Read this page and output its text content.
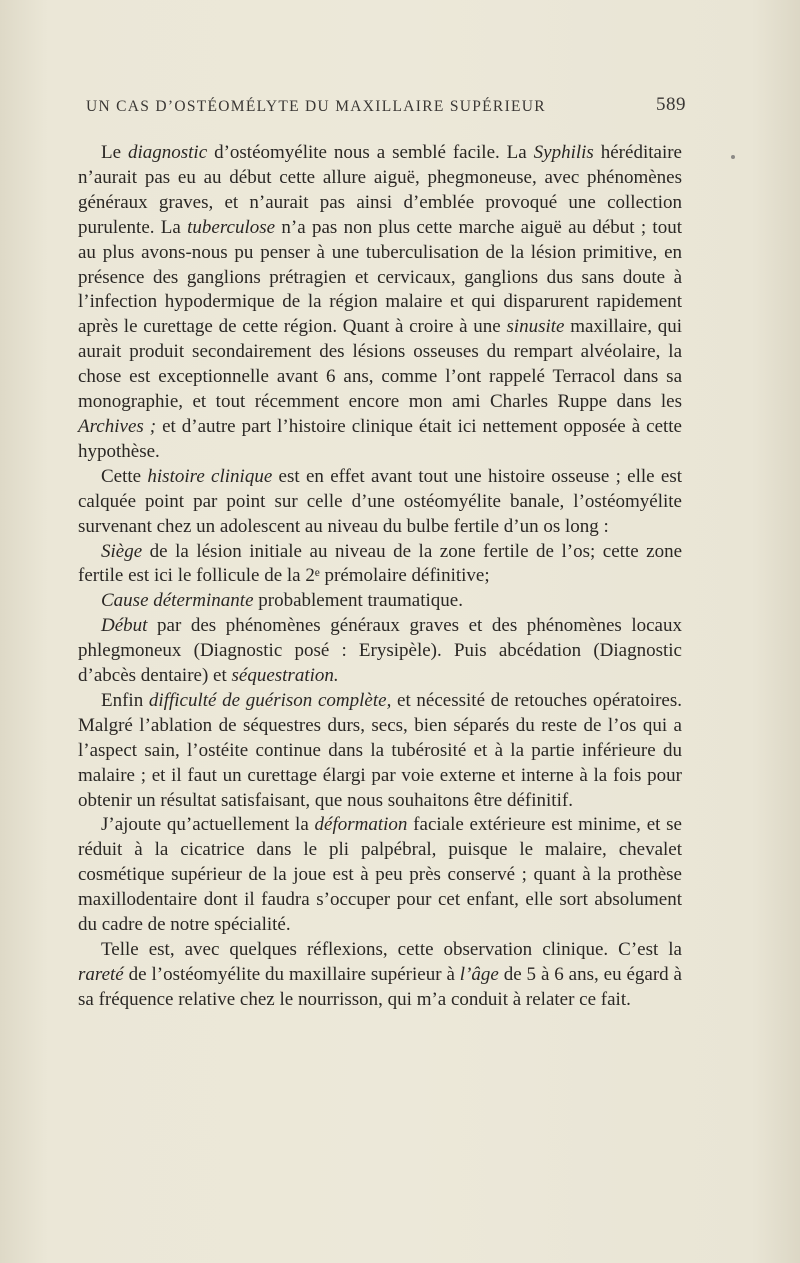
UN CAS D’OSTÉOMÉLYTE DU MAXILLAIRE SUPÉRIEUR	589

Le diagnostic d’ostéomyélite nous a semblé facile. La Syphilis héréditaire n’aurait pas eu au début cette allure aiguë, phegmoneuse, avec phénomènes généraux graves, et n’aurait pas ainsi d’emblée provoqué une collection purulente. La tuberculose n’a pas non plus cette marche aiguë au début ; tout au plus avons-nous pu penser à une tuberculisation de la lésion primitive, en présence des ganglions prétragien et cervicaux, ganglions dus sans doute à l’infection hypodermique de la région malaire et qui disparurent rapidement après le curettage de cette région. Quant à croire à une sinusite maxillaire, qui aurait produit secondairement des lésions osseuses du rempart alvéolaire, la chose est exceptionnelle avant 6 ans, comme l’ont rappelé Terracol dans sa monographie, et tout récemment encore mon ami Charles Ruppe dans les Archives ; et d’autre part l’histoire clinique était ici nettement opposée à cette hypothèse.

Cette histoire clinique est en effet avant tout une histoire osseuse ; elle est calquée point par point sur celle d’une ostéomyélite banale, l’ostéomyélite survenant chez un adolescent au niveau du bulbe fertile d’un os long :

Siège de la lésion initiale au niveau de la zone fertile de l’os; cette zone fertile est ici le follicule de la 2ᵉ prémolaire définitive;

Cause déterminante probablement traumatique.

Début par des phénomènes généraux graves et des phénomènes locaux phlegmoneux (Diagnostic posé : Erysipèle). Puis abcédation (Diagnostic d’abcès dentaire) et séquestration.

Enfin difficulté de guérison complète, et nécessité de retouches opératoires. Malgré l’ablation de séquestres durs, secs, bien séparés du reste de l’os qui a l’aspect sain, l’ostéite continue dans la tubérosité et à la partie inférieure du malaire ; et il faut un curettage élargi par voie externe et interne à la fois pour obtenir un résultat satisfaisant, que nous souhaitons être définitif.

J’ajoute qu’actuellement la déformation faciale extérieure est minime, et se réduit à la cicatrice dans le pli palpébral, puisque le malaire, chevalet cosmétique supérieur de la joue est à peu près conservé ; quant à la prothèse maxillodentaire dont il faudra s’occuper pour cet enfant, elle sort absolument du cadre de notre spécialité.

Telle est, avec quelques réflexions, cette observation clinique. C’est la rareté de l’ostéomyélite du maxillaire supérieur à l’âge de 5 à 6 ans, eu égard à sa fréquence relative chez le nourrisson, qui m’a conduit à relater ce fait.
